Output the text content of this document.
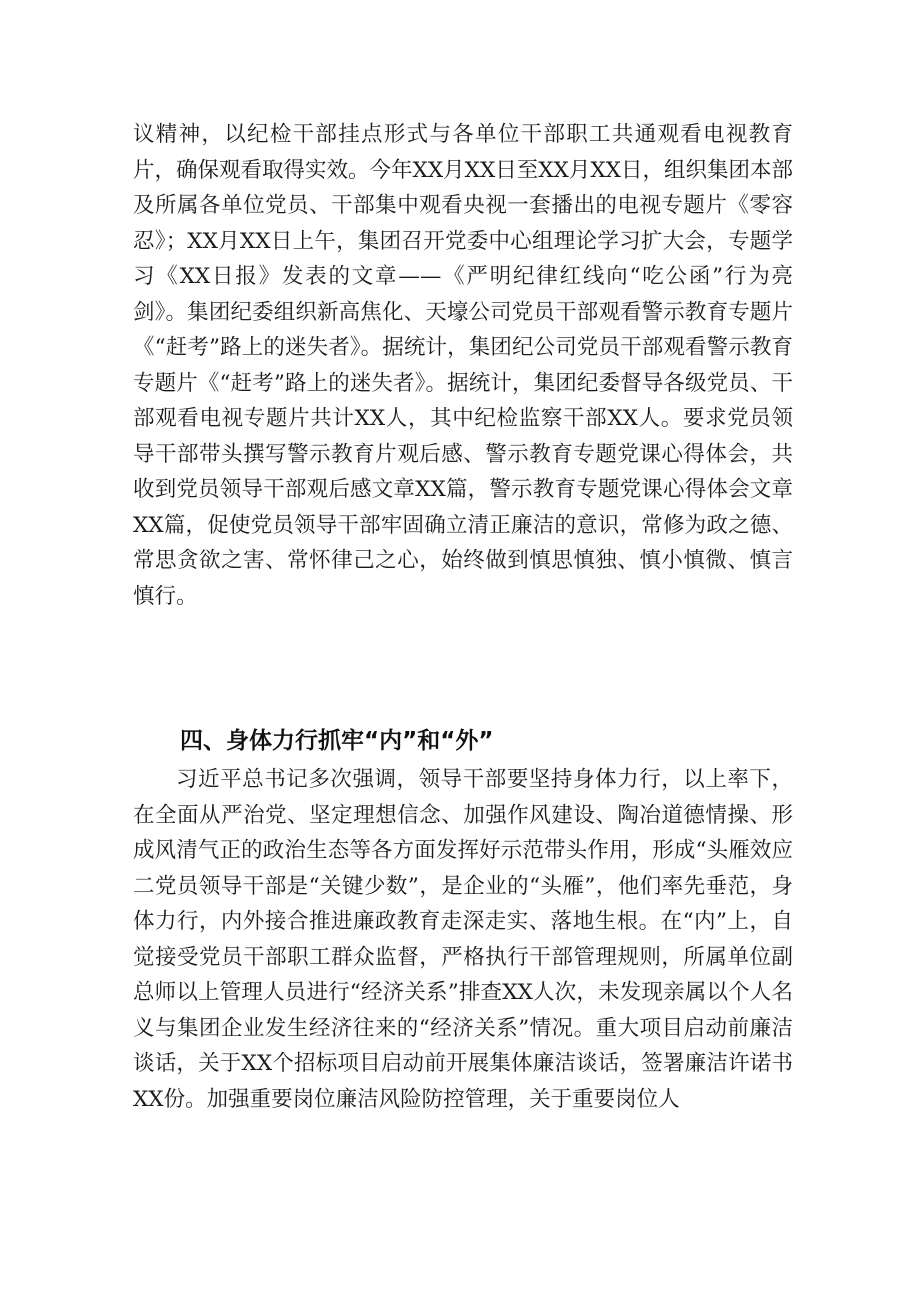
议精神，以纪检干部挂点形式与各单位干部职工共通观看电视教育片，确保观看取得实效。今年XX月XX日至XX月XX日，组织集团本部及所属各单位党员、干部集中观看央视一套播出的电视专题片《零容忍》；XX月XX日上午，集团召开党委中心组理论学习扩大会，专题学习《XX日报》发表的文章——《严明纪律红线向“吃公函”行为亮剑》。集团纪委组织新高焦化、天壕公司党员干部观看警示教育专题片《“赶考”路上的迷失者》。据统计，集团纪公司党员干部观看警示教育专题片《“赶考”路上的迷失者》。据统计，集团纪委督导各级党员、干部观看电视专题片共计XX人，其中纪检监察干部XX人。要求党员领导干部带头撰写警示教育片观后感、警示教育专题党课心得体会，共收到党员领导干部观后感文章XX篇，警示教育专题党课心得体会文章XX篇，促使党员领导干部牢固确立清正廉洁的意识，常修为政之德、常思贪欲之害、常怀律己之心，始终做到慎思慎独、慎小慎微、慎言慎行。

四、身体力行抓牢“内”和“外”

习近平总书记多次强调，领导干部要坚持身体力行，以上率下，在全面从严治党、坚定理想信念、加强作风建设、陶冶道德情操、形成风清气正的政治生态等各方面发挥好示范带头作用，形成“头雁效应二党员领导干部是“关键少数”，是企业的“头雁”，他们率先垂范，身体力行，内外接合推进廉政教育走深走实、落地生根。在“内”上，自觉接受党员干部职工群众监督，严格执行干部管理规则，所属单位副总师以上管理人员进行“经济关系”排查XX人次，未发现亲属以个人名义与集团企业发生经济往来的“经济关系”情况。重大项目启动前廉洁谈话，关于XX个招标项目启动前开展集体廉洁谈话，签署廉洁许诺书XX份。加强重要岗位廉洁风险防控管理，关于重要岗位人
